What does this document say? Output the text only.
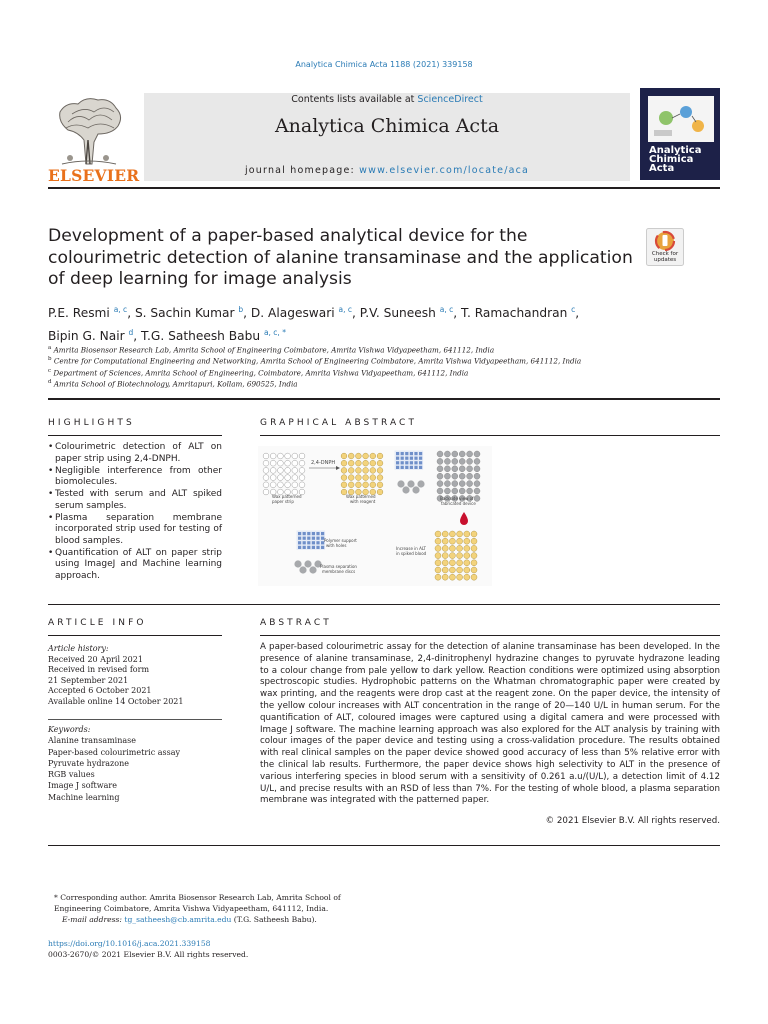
Analytica Chimica Acta 1188 (2021) 339158
ELSEVIER
Contents lists available at ScienceDirect
Analytica Chimica Acta
journal homepage: www.elsevier.com/locate/aca
Analytica
Chimica
Acta
Development of a paper-based analytical device for the colourimetric detection of alanine transaminase and the application of deep learning for image analysis
Check for updates
P.E. Resmi $^{a, c}$, S. Sachin Kumar $^b$, D. Alageswari $^{a, c}$, P.V. Suneesh $^{a, c}$, T. Ramachandran $^c$,
Bipin G. Nair $^d$, T.G. Satheesh Babu $^{a, c, *}$
$^a$ Amrita Biosensor Research Lab, Amrita School of Engineering Coimbatore, Amrita Vishwa Vidyapeetham, 641112, India
$^b$ Centre for Computational Engineering and Networking, Amrita School of Engineering Coimbatore, Amrita Vishwa Vidyapeetham, 641112, India
$^c$ Department of Sciences, Amrita School of Engineering, Coimbatore, Amrita Vishwa Vidyapeetham, 641112, India
$^d$ Amrita School of Biotechnology, Amritapuri, Kollam, 690525, India
HIGHLIGHTS
• Colourimetric detection of ALT on paper strip using 2,4-DNPH.
• Negligible interference from other biomolecules.
• Tested with serum and ALT spiked serum samples.
• Plasma separation membrane incorporated strip used for testing of blood samples.
• Quantification of ALT on paper strip using ImageJ and Machine learning approach.
GRAPHICAL ABSTRACT
2,4-DNPH
Wax patterned
paper strip
Wax patterned
with reagent
Backside view of
fabricated device
Polymer support
with holes
Plasma separation
membrane discs
Increase in ALT
in spiked blood
ARTICLE INFO
Article history:
Received 20 April 2021
Received in revised form
21 September 2021
Accepted 6 October 2021
Available online 14 October 2021
Keywords:
Alanine transaminase
Paper-based colourimetric assay
Pyruvate hydrazone
RGB values
Image J software
Machine learning
ABSTRACT
A paper-based colourimetric assay for the detection of alanine transaminase has been developed. In the presence of alanine transaminase, 2,4-dinitrophenyl hydrazine changes to pyruvate hydrazone leading to a colour change from pale yellow to dark yellow. Reaction conditions were optimized using absorption spectroscopic studies. Hydrophobic patterns on the Whatman chromatographic paper were created by wax printing, and the reagents were drop cast at the reagent zone. On the paper device, the intensity of the yellow colour increases with ALT concentration in the range of 20—140 U/L in human serum. For the quantification of ALT, coloured images were captured using a digital camera and were processed with Image J software. The machine learning approach was also explored for the ALT analysis by training with colour images of the paper device and testing using a cross-validation procedure. The results obtained with real clinical samples on the paper device showed good accuracy of less than 5% relative error with the clinical lab results. Furthermore, the paper device shows high selectivity to ALT in the presence of various interfering species in blood serum with a sensitivity of 0.261 a.u/(U/L), a detection limit of 4.12 U/L, and precise results with an RSD of less than 7%. For the testing of whole blood, a plasma separation membrane was integrated with the patterned paper.
© 2021 Elsevier B.V. All rights reserved.
* Corresponding author. Amrita Biosensor Research Lab, Amrita School of Engineering Coimbatore, Amrita Vishwa Vidyapeetham, 641112, India.
E-mail address: tg_satheesh@cb.amrita.edu (T.G. Satheesh Babu).
https://doi.org/10.1016/j.aca.2021.339158
0003-2670/© 2021 Elsevier B.V. All rights reserved.
